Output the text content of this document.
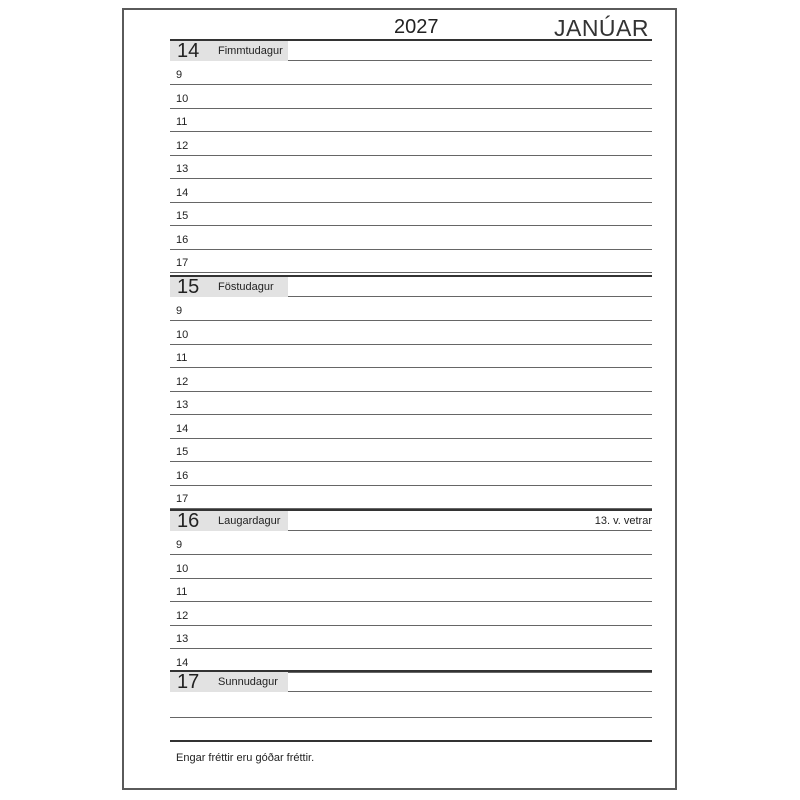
2027	JANÚAR
14 Fimmtudagur
9
10
11
12
13
14
15
16
17
15 Föstudagur
9
10
11
12
13
14
15
16
17
16 Laugardagur	13. v. vetrar
9
10
11
12
13
14
17 Sunnudagur
Engar fréttir eru góðar fréttir.
